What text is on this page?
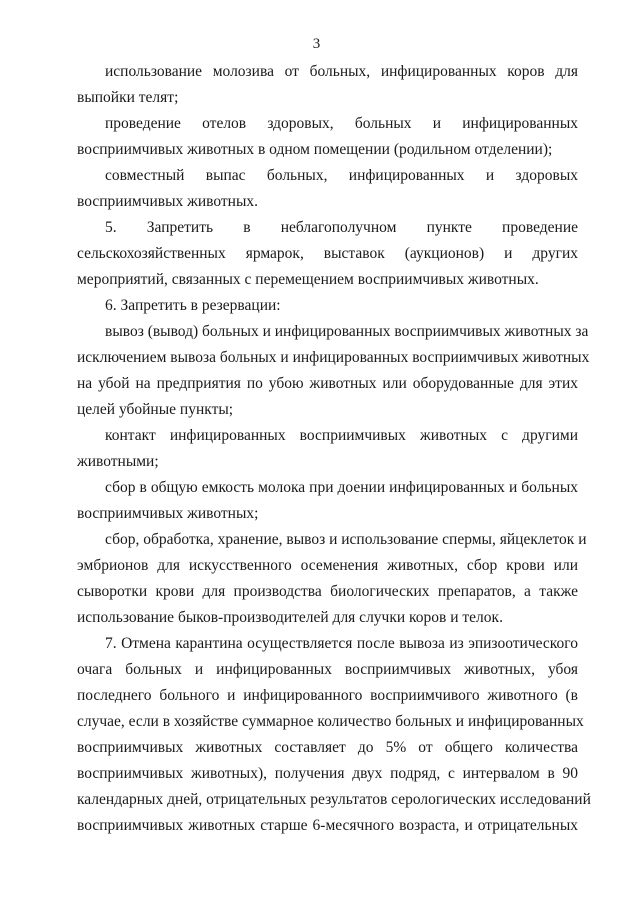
3
использование молозива от больных, инфицированных коров для
выпойки телят;
проведение отелов здоровых, больных и инфицированных
восприимчивых животных в одном помещении (родильном отделении);
совместный выпас больных, инфицированных и здоровых
восприимчивых животных.
5. Запретить в неблагополучном пункте проведение
сельскохозяйственных ярмарок, выставок (аукционов) и других
мероприятий, связанных с перемещением восприимчивых животных.
6. Запретить в резервации:
вывоз (вывод) больных и инфицированных восприимчивых животных за
исключением вывоза больных и инфицированных восприимчивых животных
на убой на предприятия по убою животных или оборудованные для этих
целей убойные пункты;
контакт инфицированных восприимчивых животных с другими
животными;
сбор в общую емкость молока при доении инфицированных и больных
восприимчивых животных;
сбор, обработка, хранение, вывоз и использование спермы, яйцеклеток и
эмбрионов для искусственного осеменения животных, сбор крови или
сыворотки крови для производства биологических препаратов, а также
использование быков-производителей для случки коров и телок.
7. Отмена карантина осуществляется после вывоза из эпизоотического
очага больных и инфицированных восприимчивых животных, убоя
последнего больного и инфицированного восприимчивого животного (в
случае, если в хозяйстве суммарное количество больных и инфицированных
восприимчивых животных составляет до 5% от общего количества
восприимчивых животных), получения двух подряд, с интервалом в 90
календарных дней, отрицательных результатов серологических исследований
восприимчивых животных старше 6-месячного возраста, и отрицательных
